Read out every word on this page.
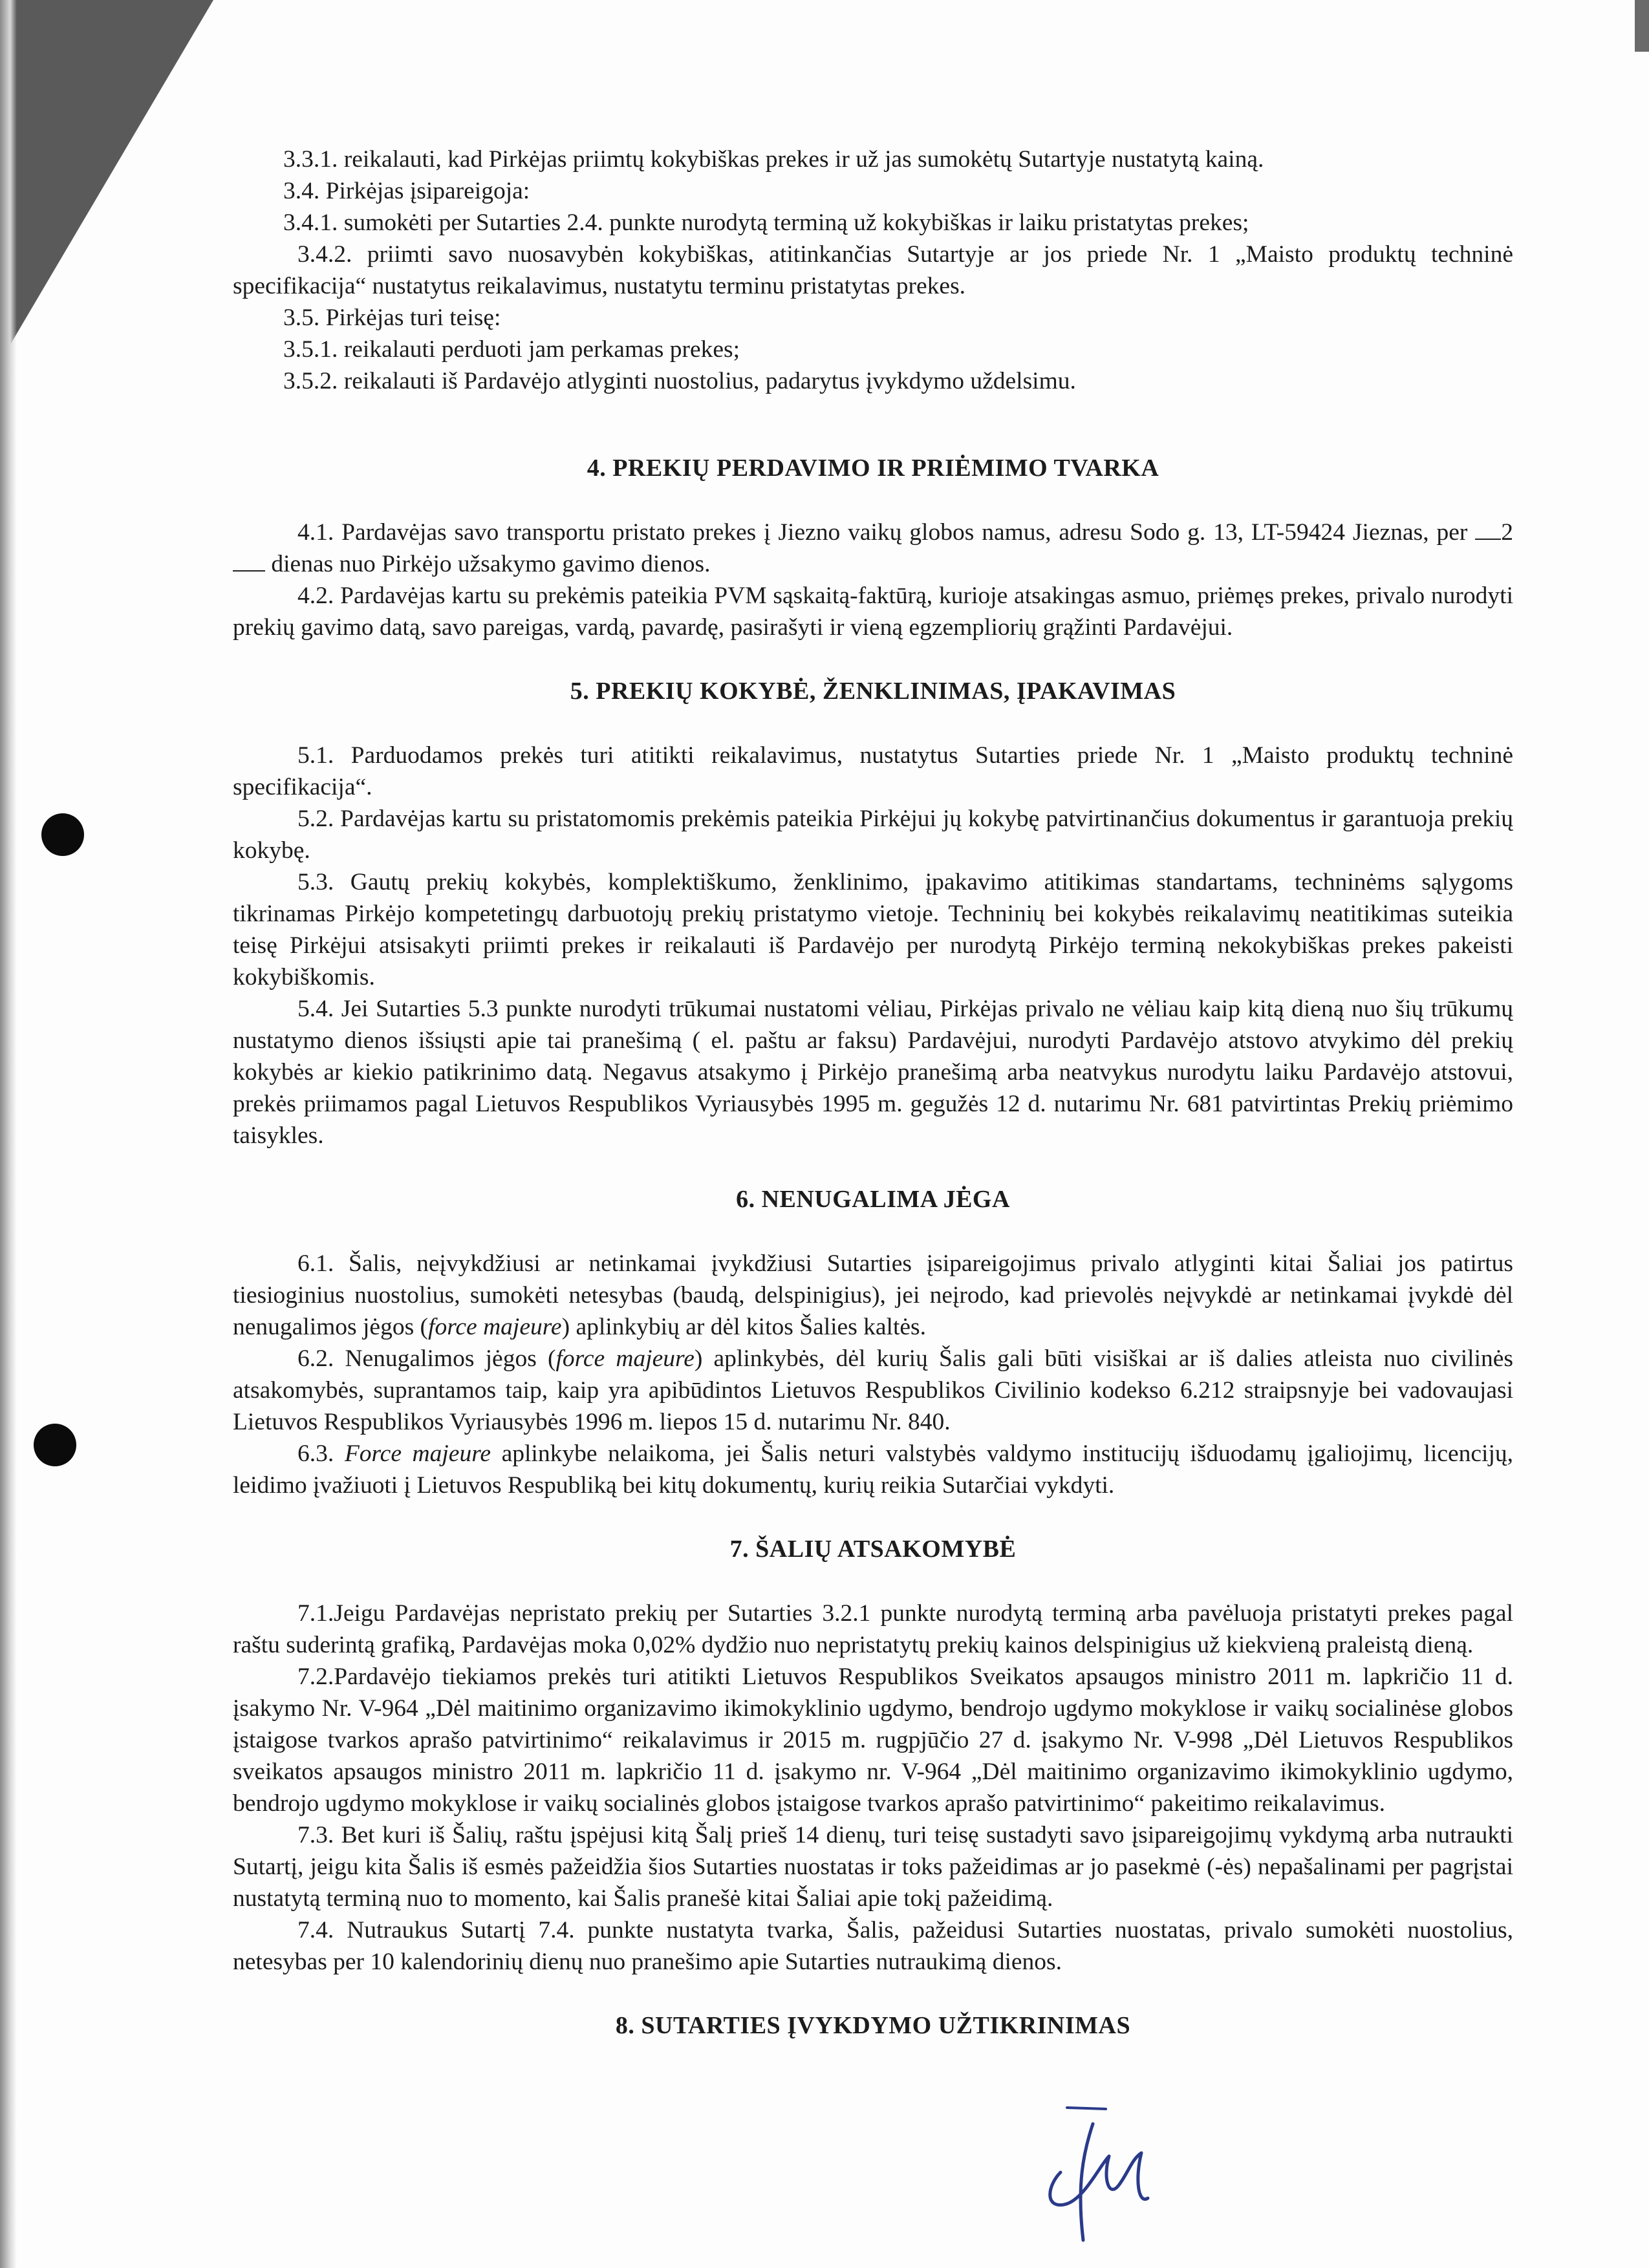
3.3.1. reikalauti, kad Pirkėjas priimtų kokybiškas prekes ir už jas sumokėtų Sutartyje nustatytą kainą.

3.4. Pirkėjas įsipareigoja:

3.4.1. sumokėti per Sutarties 2.4. punkte nurodytą terminą už kokybiškas ir laiku pristatytas prekes;

3.4.2. priimti savo nuosavybėn kokybiškas, atitinkančias Sutartyje ar jos priede Nr. 1 „Maisto produktų techninė specifikacija“ nustatytus reikalavimus, nustatytu terminu pristatytas prekes.

3.5. Pirkėjas turi teisę:

3.5.1. reikalauti perduoti jam perkamas prekes;

3.5.2. reikalauti iš Pardavėjo atlyginti nuostolius, padarytus įvykdymo uždelsimu.

4. PREKIŲ PERDAVIMO IR PRIĖMIMO TVARKA

4.1. Pardavėjas savo transportu pristato prekes į Jiezno vaikų globos namus, adresu Sodo g. 13, LT-59424 Jieznas, per 2 dienas nuo Pirkėjo užsakymo gavimo dienos.

4.2. Pardavėjas kartu su prekėmis pateikia PVM sąskaitą-faktūrą, kurioje atsakingas asmuo, priėmęs prekes, privalo nurodyti prekių gavimo datą, savo pareigas, vardą, pavardę, pasirašyti ir vieną egzempliorių grąžinti Pardavėjui.

5. PREKIŲ KOKYBĖ, ŽENKLINIMAS, ĮPAKAVIMAS

5.1. Parduodamos prekės turi atitikti reikalavimus, nustatytus Sutarties priede Nr. 1 „Maisto produktų techninė specifikacija“.

5.2. Pardavėjas kartu su pristatomomis prekėmis pateikia Pirkėjui jų kokybę patvirtinančius dokumentus ir garantuoja prekių kokybę.

5.3. Gautų prekių kokybės, komplektiškumo, ženklinimo, įpakavimo atitikimas standartams, techninėms sąlygoms tikrinamas Pirkėjo kompetetingų darbuotojų prekių pristatymo vietoje. Techninių bei kokybės reikalavimų neatitikimas suteikia teisę Pirkėjui atsisakyti priimti prekes ir reikalauti iš Pardavėjo per nurodytą Pirkėjo terminą nekokybiškas prekes pakeisti kokybiškomis.

5.4. Jei Sutarties 5.3 punkte nurodyti trūkumai nustatomi vėliau, Pirkėjas privalo ne vėliau kaip kitą dieną nuo šių trūkumų nustatymo dienos išsiųsti apie tai pranešimą ( el. paštu ar faksu) Pardavėjui, nurodyti Pardavėjo atstovo atvykimo dėl prekių kokybės ar kiekio patikrinimo datą. Negavus atsakymo į Pirkėjo pranešimą arba neatvykus nurodytu laiku Pardavėjo atstovui, prekės priimamos pagal Lietuvos Respublikos Vyriausybės 1995 m. gegužės 12 d. nutarimu Nr. 681 patvirtintas Prekių priėmimo taisykles.

6. NENUGALIMA JĖGA

6.1. Šalis, neįvykdžiusi ar netinkamai įvykdžiusi Sutarties įsipareigojimus privalo atlyginti kitai Šaliai jos patirtus tiesioginius nuostolius, sumokėti netesybas (baudą, delspinigius), jei neįrodo, kad prievolės neįvykdė ar netinkamai įvykdė dėl nenugalimos jėgos (force majeure) aplinkybių ar dėl kitos Šalies kaltės.

6.2. Nenugalimos jėgos (force majeure) aplinkybės, dėl kurių Šalis gali būti visiškai ar iš dalies atleista nuo civilinės atsakomybės, suprantamos taip, kaip yra apibūdintos Lietuvos Respublikos Civilinio kodekso 6.212 straipsnyje bei vadovaujasi Lietuvos Respublikos Vyriausybės 1996 m. liepos 15 d. nutarimu Nr. 840.

6.3. Force majeure aplinkybe nelaikoma, jei Šalis neturi valstybės valdymo institucijų išduodamų įgaliojimų, licencijų, leidimo įvažiuoti į Lietuvos Respubliką bei kitų dokumentų, kurių reikia Sutarčiai vykdyti.

7. ŠALIŲ ATSAKOMYBĖ

7.1.Jeigu Pardavėjas nepristato prekių per Sutarties 3.2.1 punkte nurodytą terminą arba pavėluoja pristatyti prekes pagal raštu suderintą grafiką, Pardavėjas moka 0,02% dydžio nuo nepristatytų prekių kainos delspinigius už kiekvieną praleistą dieną.

7.2.Pardavėjo tiekiamos prekės turi atitikti Lietuvos Respublikos Sveikatos apsaugos ministro 2011 m. lapkričio 11 d. įsakymo Nr. V-964 „Dėl maitinimo organizavimo ikimokyklinio ugdymo, bendrojo ugdymo mokyklose ir vaikų socialinėse globos įstaigose tvarkos aprašo patvirtinimo“ reikalavimus ir 2015 m. rugpjūčio 27 d. įsakymo Nr. V-998 „Dėl Lietuvos Respublikos sveikatos apsaugos ministro 2011 m. lapkričio 11 d. įsakymo nr. V-964 „Dėl maitinimo organizavimo ikimokyklinio ugdymo, bendrojo ugdymo mokyklose ir vaikų socialinės globos įstaigose tvarkos aprašo patvirtinimo“ pakeitimo reikalavimus.

7.3. Bet kuri iš Šalių, raštu įspėjusi kitą Šalį prieš 14 dienų, turi teisę sustadyti savo įsipareigojimų vykdymą arba nutraukti Sutartį, jeigu kita Šalis iš esmės pažeidžia šios Sutarties nuostatas ir toks pažeidimas ar jo pasekmė (-ės) nepašalinami per pagrįstai nustatytą terminą nuo to momento, kai Šalis pranešė kitai Šaliai apie tokį pažeidimą.

7.4. Nutraukus Sutartį 7.4. punkte nustatyta tvarka, Šalis, pažeidusi Sutarties nuostatas, privalo sumokėti nuostolius, netesybas per 10 kalendorinių dienų nuo pranešimo apie Sutarties nutraukimą dienos.

8. SUTARTIES ĮVYKDYMO UŽTIKRINIMAS
